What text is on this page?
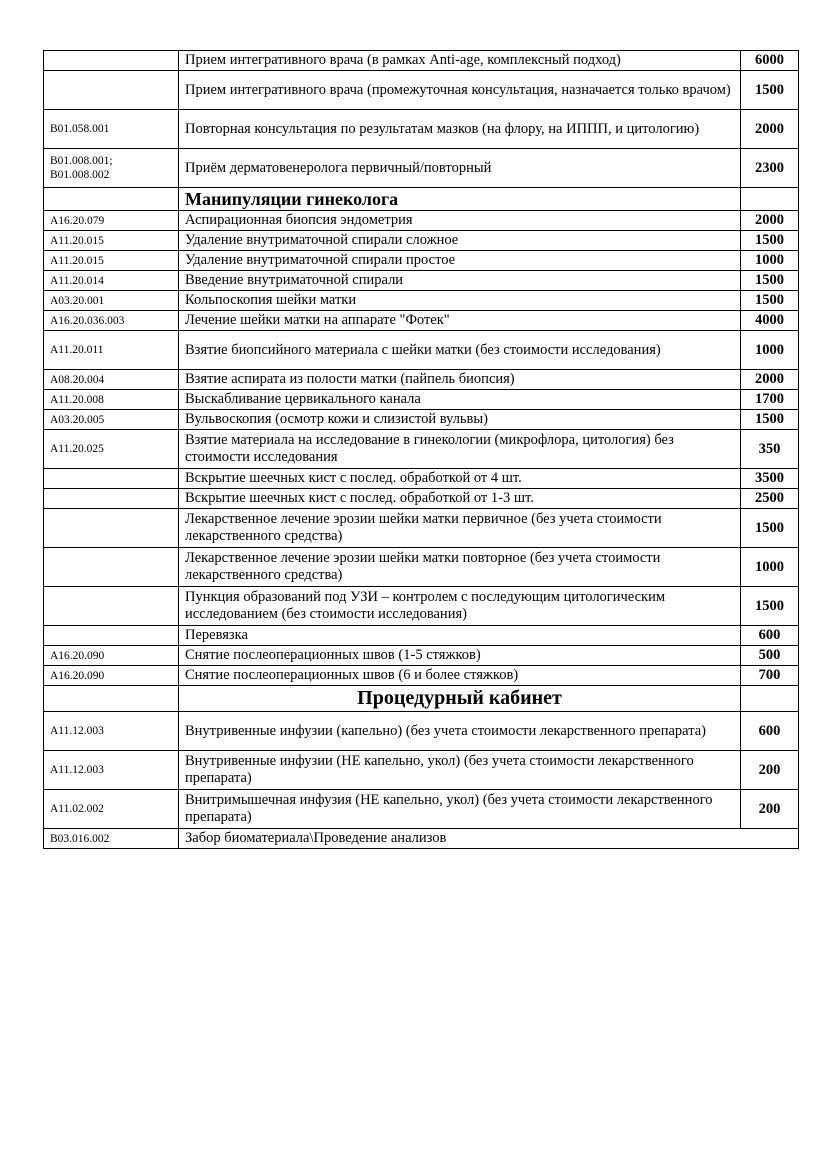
	Прием интегративного врача (в рамках Anti-age, комплексный подход)	6000
	Прием интегративного врача (промежуточная консультация, назначается только врачом)	1500
B01.058.001	Повторная консультация по результатам мазков (на флору, на ИППП, и цитологию)	2000
B01.008.001; B01.008.002	Приём дерматовенеролога первичный/повторный	2300
	Манипуляции гинеколога	
A16.20.079	Аспирационная биопсия эндометрия	2000
A11.20.015	Удаление внутриматочной спирали сложное	1500
A11.20.015	Удаление внутриматочной спирали простое	1000
A11.20.014	Введение внутриматочной спирали	1500
A03.20.001	Кольпоскопия шейки матки	1500
A16.20.036.003	Лечение шейки матки на аппарате "Фотек"	4000
A11.20.011	Взятие биопсийного материала с шейки матки (без стоимости исследования)	1000
A08.20.004	Взятие аспирата из полости матки (пайпель биопсия)	2000
A11.20.008	Выскабливание цервикального канала	1700
A03.20.005	Вульвоскопия (осмотр кожи и слизистой вульвы)	1500
A11.20.025	Взятие материала на исследование в гинекологии (микрофлора, цитология) без стоимости исследования	350
	Вскрытие шеечных кист с послед. обработкой от 4 шт.	3500
	Вскрытие шеечных кист с послед. обработкой от 1-3 шт.	2500
	Лекарственное лечение эрозии шейки матки первичное (без учета стоимости лекарственного средства)	1500
	Лекарственное лечение эрозии шейки матки повторное (без учета стоимости лекарственного средства)	1000
	Пункция образований под УЗИ – контролем с последующим цитологическим исследованием (без стоимости исследования)	1500
	Перевязка	600
A16.20.090	Снятие послеоперационных швов (1-5 стяжков)	500
A16.20.090	Снятие послеоперационных швов (6 и более стяжков)	700
	Процедурный кабинет	
A11.12.003	Внутривенные инфузии (капельно) (без учета стоимости лекарственного препарата)	600
A11.12.003	Внутривенные инфузии (НЕ капельно, укол) (без учета стоимости лекарственного препарата)	200
A11.02.002	Внитримышечная инфузия (НЕ капельно, укол) (без учета стоимости лекарственного препарата)	200
B03.016.002	Забор биоматериала\Проведение анализов	
